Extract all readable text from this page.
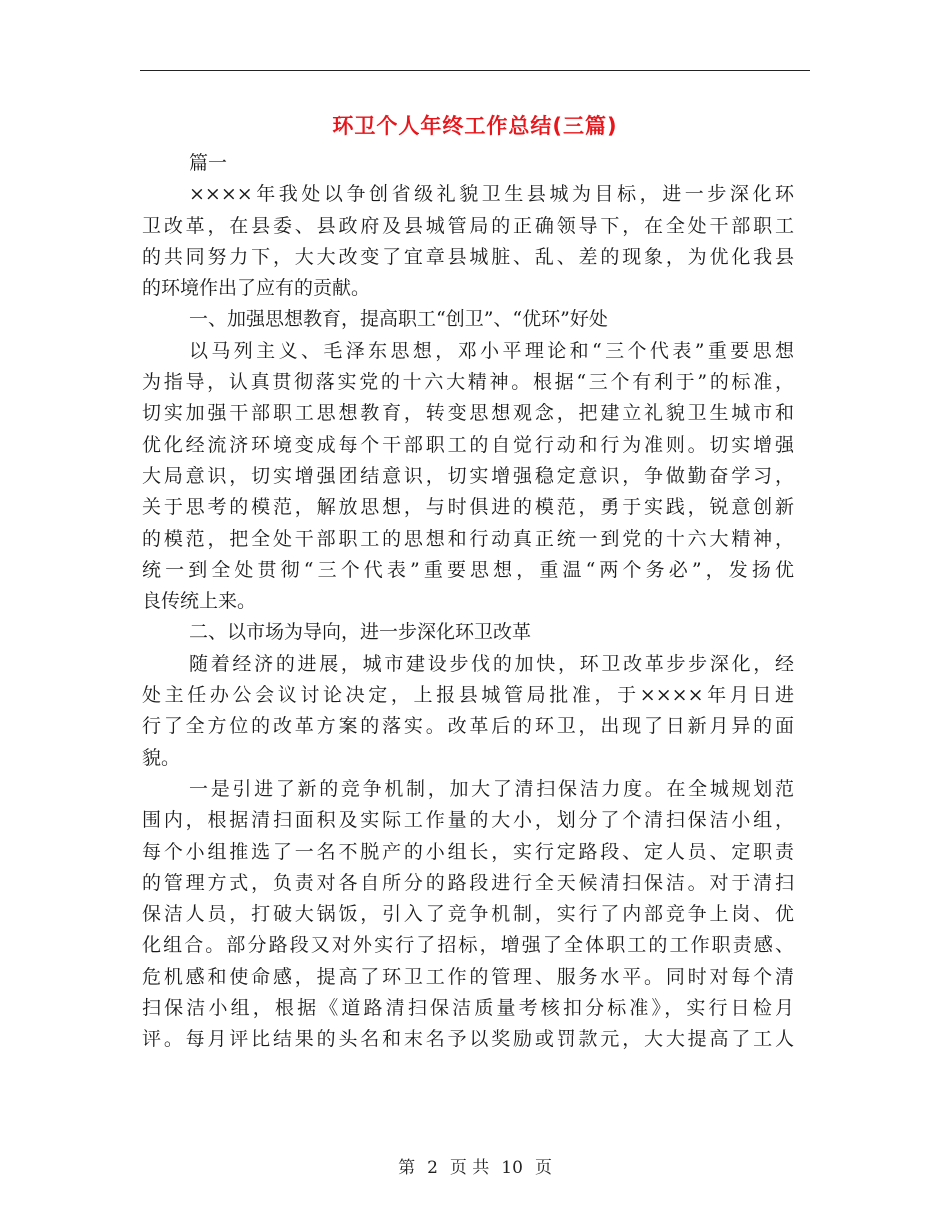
环卫个人年终工作总结(三篇)
篇一
××××年我处以争创省级礼貌卫生县城为目标，进一步深化环
卫改革，在县委、县政府及县城管局的正确领导下，在全处干部职工
的共同努力下，大大改变了宜章县城脏、乱、差的现象，为优化我县
的环境作出了应有的贡献。
一、加强思想教育，提高职工“创卫”、“优环”好处
以马列主义、毛泽东思想，邓小平理论和“三个代表”重要思想
为指导，认真贯彻落实党的十六大精神。根据“三个有利于”的标准，
切实加强干部职工思想教育，转变思想观念，把建立礼貌卫生城市和
优化经流济环境变成每个干部职工的自觉行动和行为准则。切实增强
大局意识，切实增强团结意识，切实增强稳定意识，争做勤奋学习，
关于思考的模范，解放思想，与时俱进的模范，勇于实践，锐意创新
的模范，把全处干部职工的思想和行动真正统一到党的十六大精神，
统一到全处贯彻“三个代表”重要思想，重温“两个务必”，发扬优
良传统上来。
二、以市场为导向，进一步深化环卫改革
随着经济的进展，城市建设步伐的加快，环卫改革步步深化，经
处主任办公会议讨论决定，上报县城管局批准，于××××年月日进
行了全方位的改革方案的落实。改革后的环卫，出现了日新月异的面
貌。
一是引进了新的竞争机制，加大了清扫保洁力度。在全城规划范
围内，根据清扫面积及实际工作量的大小，划分了个清扫保洁小组，
每个小组推选了一名不脱产的小组长，实行定路段、定人员、定职责
的管理方式，负责对各自所分的路段进行全天候清扫保洁。对于清扫
保洁人员，打破大锅饭，引入了竞争机制，实行了内部竞争上岗、优
化组合。部分路段又对外实行了招标，增强了全体职工的工作职责感、
危机感和使命感，提高了环卫工作的管理、服务水平。同时对每个清
扫保洁小组，根据《道路清扫保洁质量考核扣分标准》，实行日检月
评。每月评比结果的头名和末名予以奖励或罚款元，大大提高了工人
第 2 页 共 10 页
